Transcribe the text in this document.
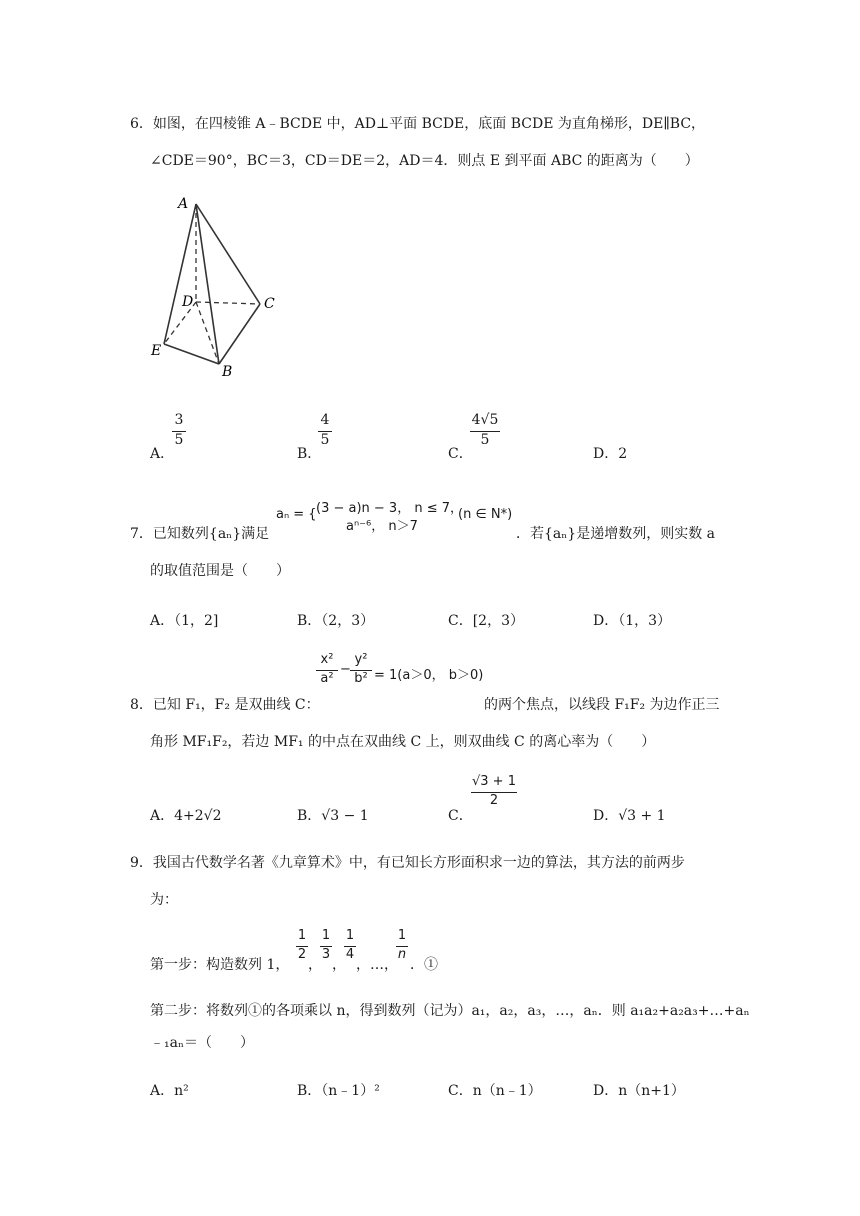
6．如图，在四棱锥 A﹣BCDE 中，AD⊥平面 BCDE，底面 BCDE 为直角梯形，DE∥BC，
∠CDE＝90°，BC＝3，CD＝DE＝2，AD＝4．则点 E 到平面 ABC 的距离为（　　）
A
D	C
E
B
A．
$\frac{3}{5}$
B．
$\frac{4}{5}$
C．
$\frac{4√5}{5}$
D．2
7．已知数列{aₙ}满足
aₙ = { (3 − a)n − 3， n ≤ 7，
aⁿ⁻⁶， n＞7
(n ∈ N*)
．若{aₙ}是递增数列，则实数 a
的取值范围是（　　）
A．（1，2]	B．（2，3）	C．[2，3）	D．（1，3）
8．已知 F₁，F₂ 是双曲线 C：
$\frac{\text{x²}}{\text{a²}} - \frac{\text{y²}}{\text{b²}} = 1(a>0$， b＞0)
的两个焦点，以线段 F₁F₂ 为边作正三
角形 MF₁F₂，若边 MF₁ 的中点在双曲线 C 上，则双曲线 C 的离心率为（　　）
A．4+2√2	B．√3 − 1	C．
$\frac{√3 + 1}{2}$
D．√3 + 1
9．我国古代数学名著《九章算术》中，有已知长方形面积求一边的算法，其方法的前两步
为：
第一步：构造数列 1，
$\frac{1}{2}$
，
$\frac{1}{3}$
，
$\frac{1}{4}$
，…，
$\frac{1}{n}$
．①
第二步：将数列①的各项乘以 n，得到数列（记为）a₁，a₂，a₃，…，aₙ．则 a₁a₂+a₂a₃+…+aₙ
﹣₁aₙ＝（　　）
A．n²	B．（n﹣1）²	C．n（n﹣1）	D．n（n+1）
